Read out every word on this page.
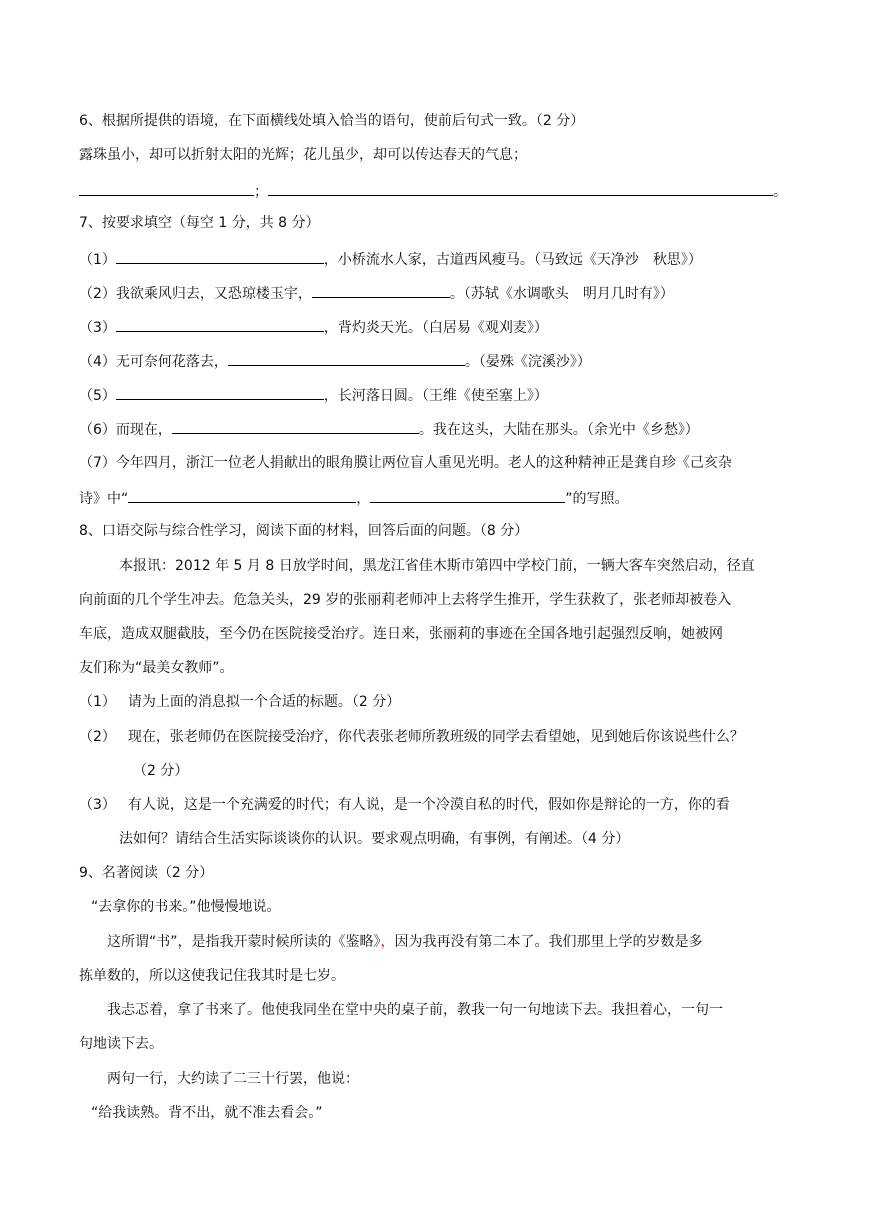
6、根据所提供的语境，在下面横线处填入恰当的语句，使前后句式一致。（2 分）
露珠虽小，却可以折射太阳的光辉；花儿虽少，却可以传达春天的气息；
；	。
7、按要求填空（每空 1 分，共 8 分）
（1）	，小桥流水人家，古道西风瘦马。（马致远《天净沙　秋思》）
（2）我欲乘风归去，又恐琼楼玉宇，	。（苏轼《水调歌头　明月几时有》）
（3）	，背灼炎天光。（白居易《观刈麦》）
（4）无可奈何花落去，	。（晏殊《浣溪沙》）
（5）	，长河落日圆。（王维《使至塞上》）
（6）而现在，	。我在这头，大陆在那头。（余光中《乡愁》）
（7）今年四月，浙江一位老人捐献出的眼角膜让两位盲人重见光明。老人的这种精神正是龚自珍《己亥杂
诗》中“	，	”的写照。
8、口语交际与综合性学习，阅读下面的材料，回答后面的问题。（8 分）
本报讯：2012 年 5 月 8 日放学时间，黑龙江省佳木斯市第四中学校门前，一辆大客车突然启动，径直
向前面的几个学生冲去。危急关头，29 岁的张丽莉老师冲上去将学生推开，学生获救了，张老师却被卷入
车底，造成双腿截肢，至今仍在医院接受治疗。连日来，张丽莉的事迹在全国各地引起强烈反响，她被网
友们称为“最美女教师”。
（1） 请为上面的消息拟一个合适的标题。（2 分）
（2） 现在，张老师仍在医院接受治疗，你代表张老师所教班级的同学去看望她，见到她后你该说些什么？
（2 分）
（3） 有人说，这是一个充满爱的时代；有人说，是一个冷漠自私的时代，假如你是辩论的一方，你的看
法如何？请结合生活实际谈谈你的认识。要求观点明确，有事例，有阐述。（4 分）
9、名著阅读（2 分）
“去拿你的书来。”他慢慢地说。
这所谓“书”，是指我开蒙时候所读的《鉴略》，因为我再没有第二本了。我们那里上学的岁数是多
拣单数的，所以这使我记住我其时是七岁。
我忐忑着，拿了书来了。他使我同坐在堂中央的桌子前，教我一句一句地读下去。我担着心，一句一
句地读下去。
两句一行，大约读了二三十行罢，他说：
“给我读熟。背不出，就不准去看会。”
